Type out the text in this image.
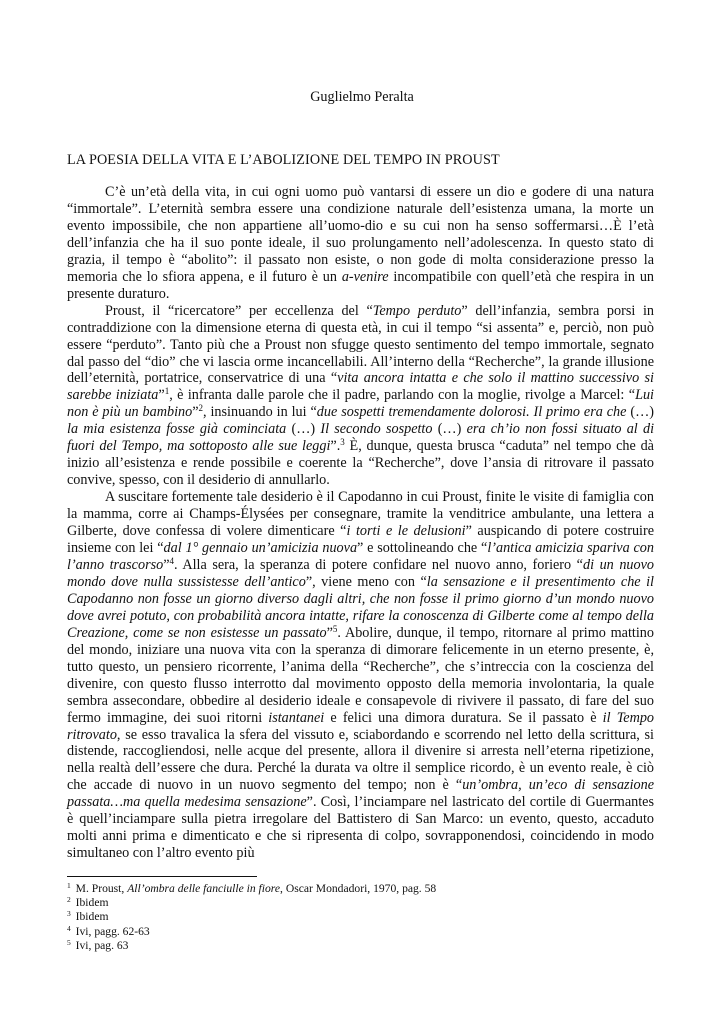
Guglielmo Peralta
LA POESIA DELLA VITA E L’ABOLIZIONE DEL TEMPO IN PROUST

C’è un’età della vita, in cui ogni uomo può vantarsi di essere un dio e godere di una natura “immortale”. L’eternità sembra essere una condizione naturale dell’esistenza umana, la morte un evento impossibile, che non appartiene all’uomo-dio e su cui non ha senso soffermarsi…È l’età dell’infanzia che ha il suo ponte ideale, il suo prolungamento nell’adolescenza. In questo stato di grazia, il tempo è “abolito”: il passato non esiste, o non gode di molta considerazione presso la memoria che lo sfiora appena, e il futuro è un a-venire incompatibile con quell’età che respira in un presente duraturo.

Proust, il “ricercatore” per eccellenza del “Tempo perduto” dell’infanzia, sembra porsi in contraddizione con la dimensione eterna di questa età, in cui il tempo “si assenta” e, perciò, non può essere “perduto”. Tanto più che a Proust non sfugge questo sentimento del tempo immortale, segnato dal passo del “dio” che vi lascia orme incancellabili. All’interno della “Recherche”, la grande illusione dell’eternità, portatrice, conservatrice di una “vita ancora intatta e che solo il mattino successivo si sarebbe iniziata”$^1$, è infranta dalle parole che il padre, parlando con la moglie, rivolge a Marcel: “Lui non è più un bambino”$^2$, insinuando in lui “due sospetti tremendamente dolorosi. Il primo era che (…) la mia esistenza fosse già cominciata (…) Il secondo sospetto (…) era ch’io non fossi situato al di fuori del Tempo, ma sottoposto alle sue leggi”.$^3$ È, dunque, questa brusca “caduta” nel tempo che dà inizio all’esistenza e rende possibile e coerente la “Recherche”, dove l’ansia di ritrovare il passato convive, spesso, con il desiderio di annullarlo.

A suscitare fortemente tale desiderio è il Capodanno in cui Proust, finite le visite di famiglia con la mamma, corre ai Champs-Élysées per consegnare, tramite la venditrice ambulante, una lettera a Gilberte, dove confessa di volere dimenticare “i torti e le delusioni” auspicando di potere costruire insieme con lei “dal 1° gennaio un’amicizia nuova” e sottolineando che “l’antica amicizia spariva con l’anno trascorso”$^4$. Alla sera, la speranza di potere confidare nel nuovo anno, foriero “di un nuovo mondo dove nulla sussistesse dell’antico”, viene meno con “la sensazione e il presentimento che il Capodanno non fosse un giorno diverso dagli altri, che non fosse il primo giorno d’un mondo nuovo dove avrei potuto, con probabilità ancora intatte, rifare la conoscenza di Gilberte come al tempo della Creazione, come se non esistesse un passato”$^5$. Abolire, dunque, il tempo, ritornare al primo mattino del mondo, iniziare una nuova vita con la speranza di dimorare felicemente in un eterno presente, è, tutto questo, un pensiero ricorrente, l’anima della “Recherche”, che s’intreccia con la coscienza del divenire, con questo flusso interrotto dal movimento opposto della memoria involontaria, la quale sembra assecondare, obbedire al desiderio ideale e consapevole di rivivere il passato, di fare del suo fermo immagine, dei suoi ritorni istantanei e felici una dimora duratura. Se il passato è il Tempo ritrovato, se esso travalica la sfera del vissuto e, sciabordando e scorrendo nel letto della scrittura, si distende, raccogliendosi, nelle acque del presente, allora il divenire si arresta nell’eterna ripetizione, nella realtà dell’essere che dura. Perché la durata va oltre il semplice ricordo, è un evento reale, è ciò che accade di nuovo in un nuovo segmento del tempo; non è “un’ombra, un’eco di sensazione passata…ma quella medesima sensazione”. Così, l’inciampare nel lastricato del cortile di Guermantes è quell’inciampare sulla pietra irregolare del Battistero di San Marco: un evento, questo, accaduto molti anni prima e dimenticato e che si ripresenta di colpo, sovrapponendosi, coincidendo in modo simultaneo con l’altro evento più

$^1$ M. Proust, All’ombra delle fanciulle in fiore, Oscar Mondadori, 1970, pag. 58
$^2$ Ibidem
$^3$ Ibidem
$^4$ Ivi, pagg. 62-63
$^5$ Ivi, pag. 63
